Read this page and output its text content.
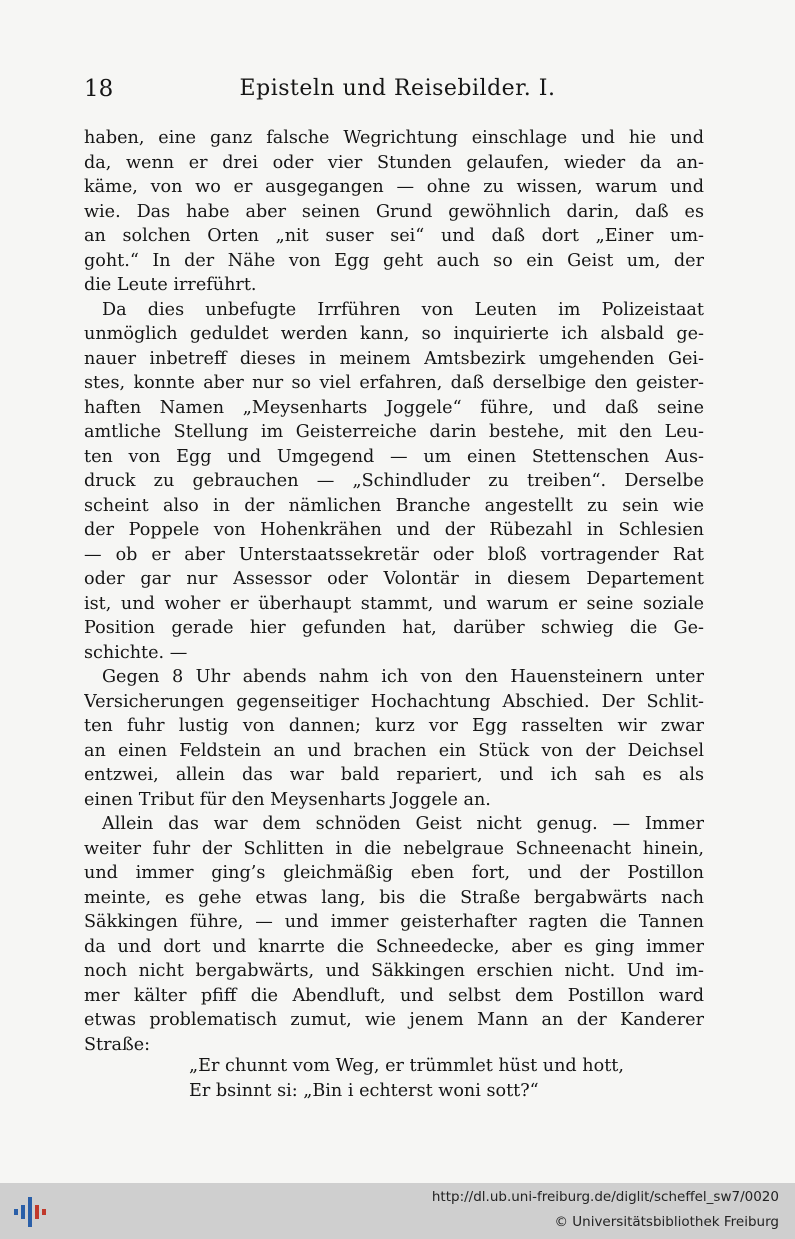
18	Episteln und Reisebilder. I.
haben, eine ganz falsche Wegrichtung einschlage und hie und
da, wenn er drei oder vier Stunden gelaufen, wieder da an-
käme, von wo er ausgegangen — ohne zu wissen, warum und
wie. Das habe aber seinen Grund gewöhnlich darin, daß es
an solchen Orten „nit suser sei“ und daß dort „Einer um-
goht.“ In der Nähe von Egg geht auch so ein Geist um, der
die Leute irreführt.
Da dies unbefugte Irrführen von Leuten im Polizeistaat
unmöglich geduldet werden kann, so inquirierte ich alsbald ge-
nauer inbetreff dieses in meinem Amtsbezirk umgehenden Gei-
stes, konnte aber nur so viel erfahren, daß derselbige den geister-
haften Namen „Meysenharts Joggele“ führe, und daß seine
amtliche Stellung im Geisterreiche darin bestehe, mit den Leu-
ten von Egg und Umgegend — um einen Stettenschen Aus-
druck zu gebrauchen — „Schindluder zu treiben“. Derselbe
scheint also in der nämlichen Branche angestellt zu sein wie
der Poppele von Hohenkrähen und der Rübezahl in Schlesien
— ob er aber Unterstaatssekretär oder bloß vortragender Rat
oder gar nur Assessor oder Volontär in diesem Departement
ist, und woher er überhaupt stammt, und warum er seine soziale
Position gerade hier gefunden hat, darüber schwieg die Ge-
schichte. —
Gegen 8 Uhr abends nahm ich von den Hauensteinern unter
Versicherungen gegenseitiger Hochachtung Abschied. Der Schlit-
ten fuhr lustig von dannen; kurz vor Egg rasselten wir zwar
an einen Feldstein an und brachen ein Stück von der Deichsel
entzwei, allein das war bald repariert, und ich sah es als
einen Tribut für den Meysenharts Joggele an.
Allein das war dem schnöden Geist nicht genug. — Immer
weiter fuhr der Schlitten in die nebelgraue Schneenacht hinein,
und immer ging’s gleichmäßig eben fort, und der Postillon
meinte, es gehe etwas lang, bis die Straße bergabwärts nach
Säkkingen führe, — und immer geisterhafter ragten die Tannen
da und dort und knarrte die Schneedecke, aber es ging immer
noch nicht bergabwärts, und Säkkingen erschien nicht. Und im-
mer kälter pfiff die Abendluft, und selbst dem Postillon ward
etwas problematisch zumut, wie jenem Mann an der Kanderer
Straße:
„Er chunnt vom Weg, er trümmlet hüst und hott,
Er bsinnt si: „Bin i echterst woni sott?“
http://dl.ub.uni-freiburg.de/diglit/scheffel_sw7/0020
© Universitätsbibliothek Freiburg
